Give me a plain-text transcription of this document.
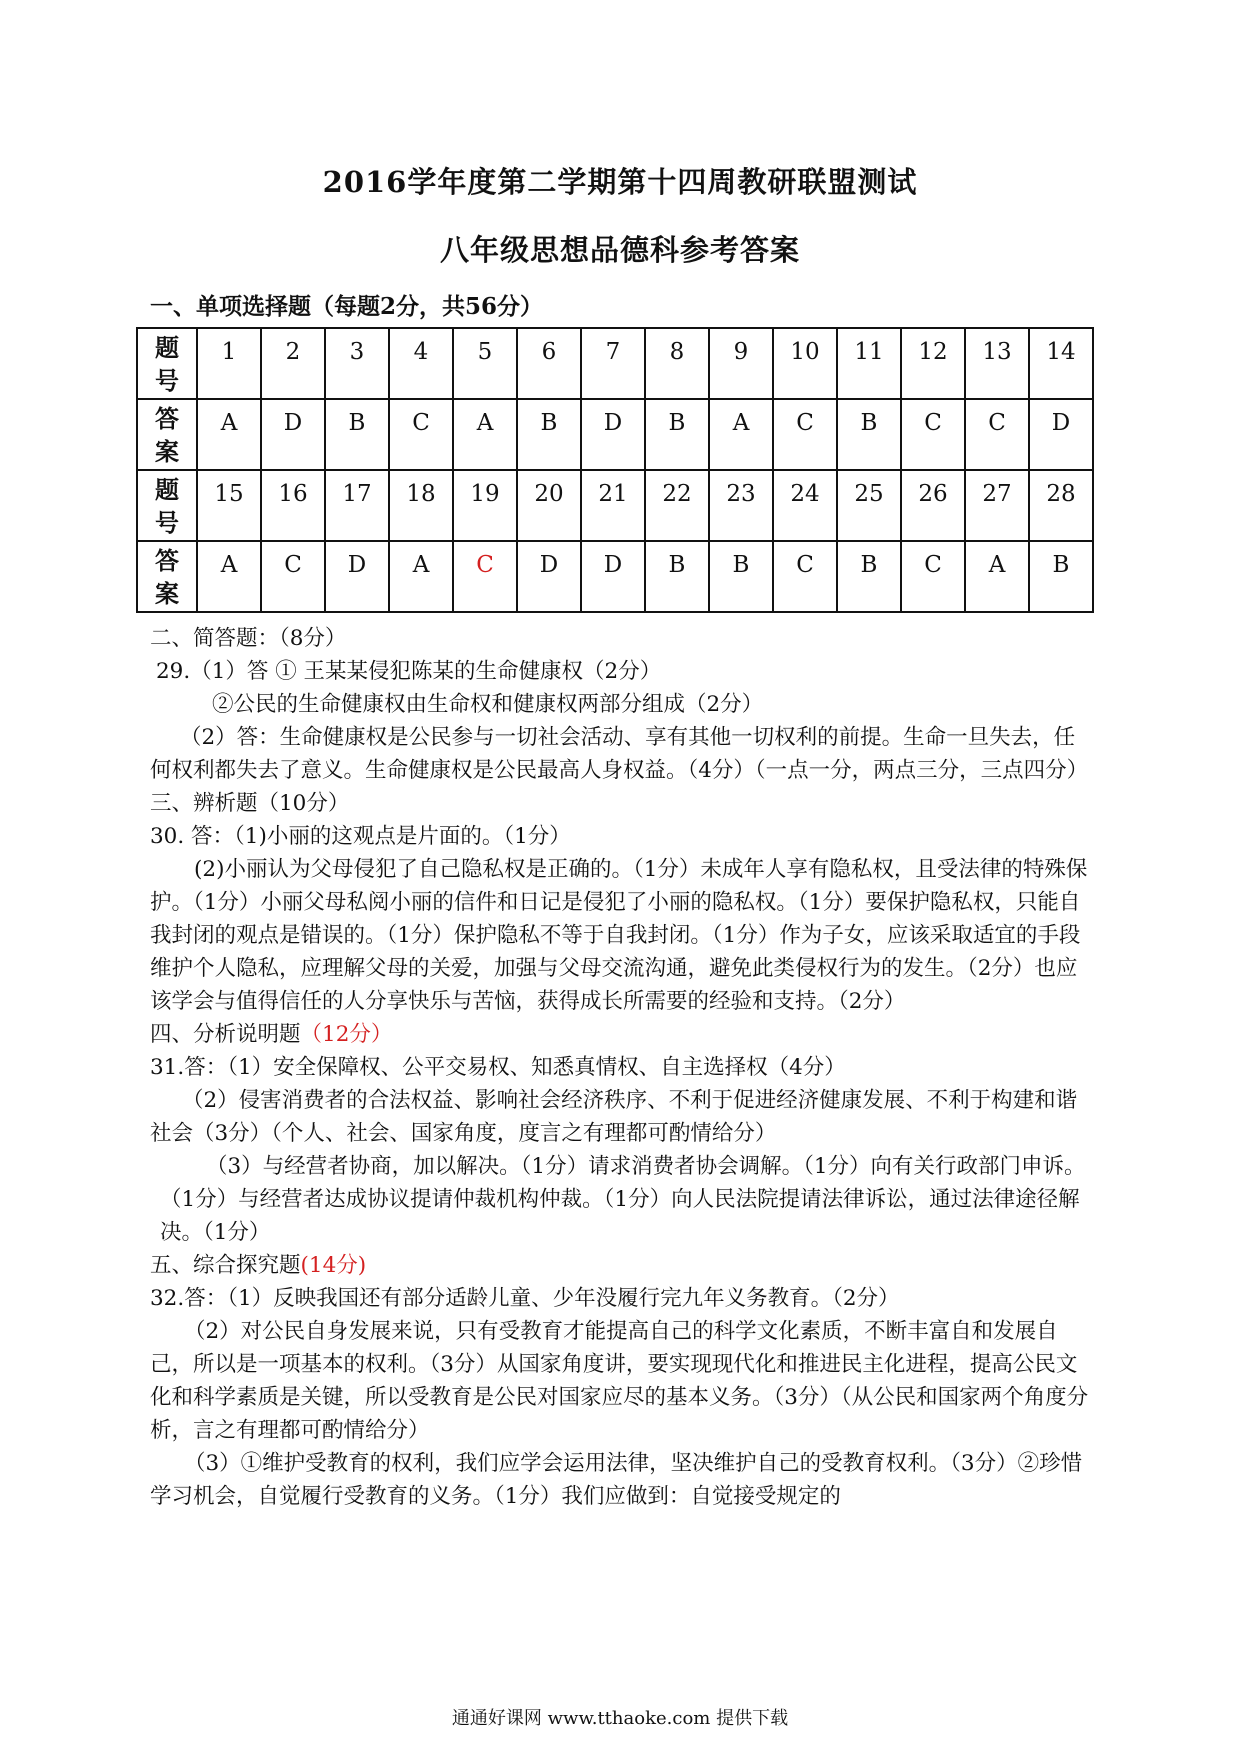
2016学年度第二学期第十四周教研联盟测试
八年级思想品德科参考答案
一、单项选择题（每题2分，共56分）
题
号	1	2	3	4	5	6	7	8	9	10	11	12	13	14
答
案	A	D	B	C	A	B	D	B	A	C	B	C	C	D
题
号	15	16	17	18	19	20	21	22	23	24	25	26	27	28
答
案	A	C	D	A	C	D	D	B	B	C	B	C	A	B

二、简答题：（8分）

29.（1）答 ① 王某某侵犯陈某的生命健康权（2分）

②公民的生命健康权由生命权和健康权两部分组成（2分）

（2）答：生命健康权是公民参与一切社会活动、享有其他一切权利的前提。生命一旦失去，任何权利都失去了意义。生命健康权是公民最高人身权益。（4分）（一点一分，两点三分，三点四分）

三、辨析题（10分）

30. 答：（1)小丽的这观点是片面的。（1分）

(2)小丽认为父母侵犯了自己隐私权是正确的。（1分）未成年人享有隐私权，且受法律的特殊保护。（1分）小丽父母私阅小丽的信件和日记是侵犯了小丽的隐私权。（1分）要保护隐私权，只能自我封闭的观点是错误的。（1分）保护隐私不等于自我封闭。（1分）作为子女，应该采取适宜的手段维护个人隐私，应理解父母的关爱，加强与父母交流沟通，避免此类侵权行为的发生。（2分）也应该学会与值得信任的人分享快乐与苦恼，获得成长所需要的经验和支持。（2分）

四、分析说明题（12分）

31.答：（1）安全保障权、公平交易权、知悉真情权、自主选择权（4分）

（2）侵害消费者的合法权益、影响社会经济秩序、不利于促进经济健康发展、不利于构建和谐社会（3分）（个人、社会、国家角度，度言之有理都可酌情给分）

（3）与经营者协商，加以解决。（1分）请求消费者协会调解。（1分）向有关行政部门申诉。（1分）与经营者达成协议提请仲裁机构仲裁。（1分）向人民法院提请法律诉讼，通过法律途径解决。（1分）

五、综合探究题(14分)

32.答：（1）反映我国还有部分适龄儿童、少年没履行完九年义务教育。（2分）

（2）对公民自身发展来说，只有受教育才能提高自己的科学文化素质，不断丰富自和发展自己，所以是一项基本的权利。（3分）从国家角度讲，要实现现代化和推进民主化进程，提高公民文化和科学素质是关键，所以受教育是公民对国家应尽的基本义务。（3分）（从公民和国家两个角度分析，言之有理都可酌情给分）

（3）①维护受教育的权利，我们应学会运用法律，坚决维护自己的受教育权利。（3分）②珍惜学习机会，自觉履行受教育的义务。（1分）我们应做到：自觉接受规定的

通通好课网 www.tthaoke.com 提供下载
